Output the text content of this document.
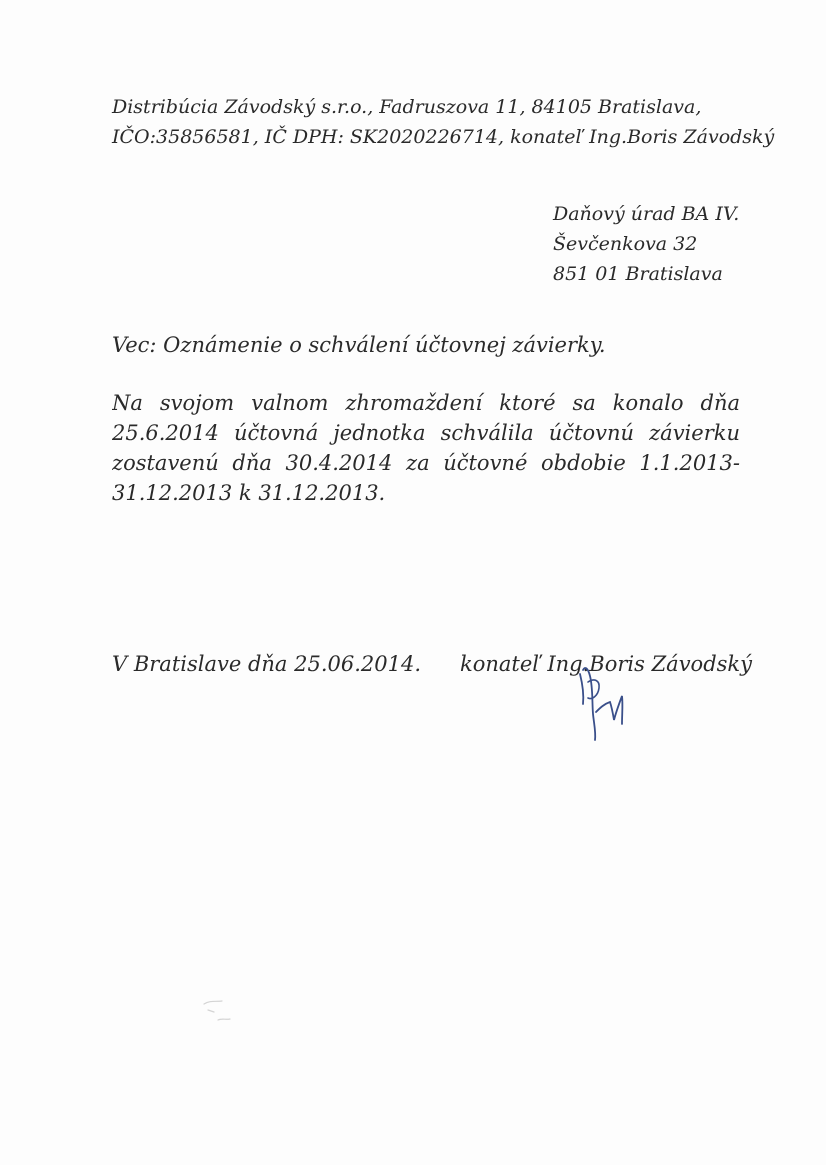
Distribúcia Závodský s.r.o., Fadruszova 11, 84105 Bratislava,
IČO:35856581, IČ DPH: SK2020226714, konateľ Ing.Boris Závodský
Daňový úrad BA IV.
Ševčenkova 32
851 01 Bratislava
Vec: Oznámenie o schválení účtovnej závierky.
Na svojom valnom zhromaždení ktoré sa konalo dňa
25.6.2014 účtovná jednotka schválila účtovnú závierku
zostavenú dňa 30.4.2014 za účtovné obdobie 1.1.2013-
31.12.2013 k 31.12.2013.
V Bratislave dňa 25.06.2014. konateľ Ing.Boris Závodský
